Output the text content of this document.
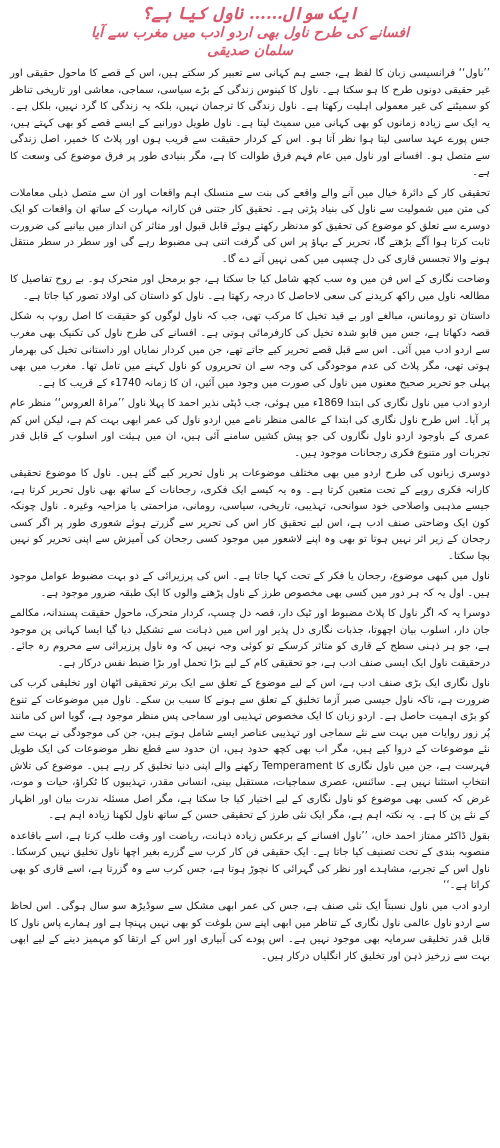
ایک سوال…… ناول کیا ہے؟
افسانے کی طرح ناول بھی اردو ادب میں مغرب سے آیا
سلمان صدیقی

’’ناول‘‘ فرانسیسی زبان کا لفظ ہے، جسے ہم کہانی سے تعبیر کر سکتے ہیں، اس کے قصے کا ماحول حقیقی اور غیر حقیقی دونوں طرح کا ہو سکتا ہے۔ ناول کا کینوس زندگی کے بڑے سیاسی، سماجی، معاشی اور تاریخی تناظر کو سمیٹنے کی غیر معمولی اہلیت رکھتا ہے۔ ناول زندگی کا ترجمان نہیں، بلکہ یہ زندگی کا گرد نہیں، بلکل ہے۔ یہ ایک سے زیادہ زمانوں کو بھی کہانی میں سمیٹ لیتا ہے۔ ناول طویل دورانیے کے ایسے قصے کو بھی کہتے ہیں، جس پورے عہد ساسی لیتا ہوا نظر آتا ہو۔ اس کے کردار حقیقت سے قریب ہوں اور پلاٹ کا خمیر، اصل زندگی سے متصل ہو۔ افسانے اور ناول میں عام فہم فرق طوالت کا ہے، مگر بنیادی طور پر فرق موضوع کی وسعت کا ہے۔

تحقیقی کار کے دائرۂ خیال میں آنے والے واقعے کی بنت سے منسلک اہم واقعات اور ان سے متصل ذیلی معاملات کی متن میں شمولیت سے ناول کی بنیاد پڑتی ہے۔ تحقیق کار جتنی فن کارانہ مہارت کے ساتھ ان واقعات کو ایک دوسرے سے تعلق کو موضوع کی تحقیق کو مدنظر رکھتے ہوئے قابل قبول اور متاثر کن انداز میں بیانیے کی ضرورت ثابت کرتا ہوا آگے بڑھتے گا، تحریر کے بہاؤ پر اس کی گرفت اتنی ہی مضبوط رہے گی اور سطر در سطر منتقل ہونے والا تجسس قاری کی دل چسپی میں کمی نہیں آنے دے گا۔

وضاحت نگاری کے اس فن میں وہ سب کچھ شامل کیا جا سکتا ہے، جو برمحل اور متحرک ہو۔ بے روح تفاصیل کا مطالعہ ناول میں راکھ کریدنے کی سعی لاحاصل کا درجہ رکھتا ہے۔ ناول کو داستان کی اولاد تصور کیا جاتا ہے۔

داستان تو رومانس، مبالغے اور بے قید تخیل کا مرکب تھی، جب کہ ناول لوگوں کو حقیقت کا اصل روپ بہ شکل قصہ دکھاتا ہے، جس میں قابو شدہ تخیل کی کارفرمائی ہوتی ہے۔ افسانے کی طرح ناول کی تکنیک بھی مغرب سے اردو ادب میں آئی۔ اس سے قبل قصے تحریر کیے جاتے تھے، جن میں کردار نمایاں اور داستانی تخیل کی بھرمار ہوتی تھی، مگر پلاٹ کی عدم موجودگی کی وجہ سے ان تحریروں کو ناول کہنے میں تامل تھا۔ مغرب میں بھی پہلی جو تحریر صحیح معنوں میں ناول کی صورت میں وجود میں آئیں، ان کا زمانہ 1740ء کے قریب کا ہے۔

اردو ادب میں ناول نگاری کی ابتدا 1869ء میں ہوئی، جب ڈپٹی نذیر احمد کا پہلا ناول ’’مراۃ العروس‘‘ منظر عام پر آیا۔ اس طرح ناول نگاری کی ابتدا کے عالمی منظر نامے میں اردو ناول کی عمر ابھی بہت کم ہے، لیکن اس کم عمری کے باوجود اردو ناول نگاروں کی جو پیش کشیں سامنے آئی ہیں، ان میں ہیئت اور اسلوب کے قابل قدر تجربات اور متنوع فکری رجحانات موجود ہیں۔

دوسری زبانوں کی طرح اردو میں بھی مختلف موضوعات پر ناول تحریر کیے گئے ہیں۔ ناول کا موضوع تحقیقی کارانہ فکری رویے کے تحت متعین کرتا ہے۔ وہ یہ کیسے ایک فکری، رجحانات کے ساتھ بھی ناول تحریر کرتا ہے، جیسے مذہبی واصلاحی خود سوانحی، تہذیبی، تاریخی، سیاسی، رومانی، مزاحمتی یا مزاحیہ وغیرہ۔ ناول چونکہ کون ایک وضاحتی صنف ادب ہے، اس لیے تحقیق کار اس کی تحریر سے گزرتے ہوئے شعوری طور پر اگر کسی رجحان کے زیر اثر نہیں ہوتا تو بھی وہ اپنے لاشعور میں موجود کسی رجحان کی آمیزش سے اپنی تحریر کو نہیں بچا سکتا۔

ناول میں کبھی موضوع، رجحان یا فکر کے تحت کہا جاتا ہے۔ اس کی پرزیرائی کے دو بہت مضبوط عوامل موجود ہیں۔ اول یہ کہ ہر دور میں کسی بھی مخصوص طرز کے ناول پڑھنے والوں کا ایک طبقہ ضرور موجود ہے۔

دوسرا یہ کہ اگر ناول کا پلاٹ مضبوط اور ٹیک دار، قصہ دل چسپ، کردار متحرک، ماحول حقیقت پسندانہ، مکالمے جان دار، اسلوب بیان اچھوتا، جذبات نگاری دل پذیر اور اس میں ذہانت سے تشکیل دیا گیا ایسا کہانی پن موجود ہے، جو ہر ذہنی سطح کے قاری کو متاثر کرسکے تو کوئی وجہ نہیں کہ وہ ناول پرزیرائی سے محروم رہ جائے۔ درحقیقت ناول ایک ایسی صنف ادب ہے، جو تحقیقی کام کے لیے بڑا تحمل اور بڑا ضبط نفس درکار ہے۔

ناول نگاری ایک بڑی صنف ادب ہے، اس کے لیے موضوع کے تعلق سے ایک برتر تحقیقی اٹھان اور تخلیقی کرب کی ضرورت ہے، تاکہ ناول جیسی صبر آزما تخلیق کے تعلق سے ہونے کا سبب بن سکے۔ ناول میں موضوعات کے تنوع کو بڑی اہمیت حاصل ہے۔ اردو زبان کا ایک مخصوص تہذیبی اور سماجی پس منظر موجود ہے، گویا اس کی مانند پُر زور روایات میں بہت سے نئے سماجی اور تہذیبی عناصر ایسے شامل ہوتے ہیں، جن کی موجودگی نے بہت سے نئے موضوعات کے دروا کیے ہیں، مگر اب بھی کچھ حدود ہیں، ان حدود سے قطع نظر موضوعات کی ایک طویل فہرست ہے، جن میں ناول نگاری کا Temperament رکھنے والے اپنی دنیا تخلیق کر رہے ہیں۔ موضوع کی تلاش انتخابِ استثنا نہیں ہے۔ سائنس، عصری سماجیات، مستقبل بینی، انسانی مقدر، تہذیبوں کا ٹکراؤ، حیات و موت، غرض کہ کسی بھی موضوع کو ناول نگاری کے لیے اختیار کیا جا سکتا ہے، مگر اصل مسئلہ ندرت بیان اور اظہار کے نئے پن کا ہے۔ یہ نکتہ اہم ہے، مگر ایک نئی طرز کے تحقیقی حسن کے ساتھ ناول لکھنا زیادہ اہم ہے۔

بقول ڈاکٹر ممتاز احمد خاں، ’’ناول افسانے کے برعکس زیادہ ذہانت، ریاضت اور وقت طلب کرتا ہے، اسے باقاعدہ منصوبہ بندی کے تحت تصنیف کیا جاتا ہے۔ ایک حقیقی فن کار کرب سے گزرے بغیر اچھا ناول تخلیق نہیں کرسکتا۔ ناول اس کے تجربے، مشاہدے اور نظر کی گہرائی کا نچوڑ ہوتا ہے، جس کرب سے وہ گزرتا ہے، اسے قاری کو بھی کراتا ہے۔‘‘

اردو ادب میں ناول نسبتاً ایک نئی صنف ہے، جس کی عمر ابھی مشکل سے سوڈیڑھ سو سال ہوگی۔ اس لحاظ سے اردو ناول عالمی ناول نگاری کے تناظر میں ابھی اپنے سن بلوغت کو بھی نہیں پہنچا ہے اور ہمارے پاس ناول کا قابل قدر تخلیقی سرمایہ بھی موجود نہیں ہے۔ اس پودے کی آبیاری اور اس کے ارتقا کو مہمیز دینے کے لیے ابھی بہت سے زرخیز ذہن اور تخلیق کار انگلیاں درکار ہیں۔
